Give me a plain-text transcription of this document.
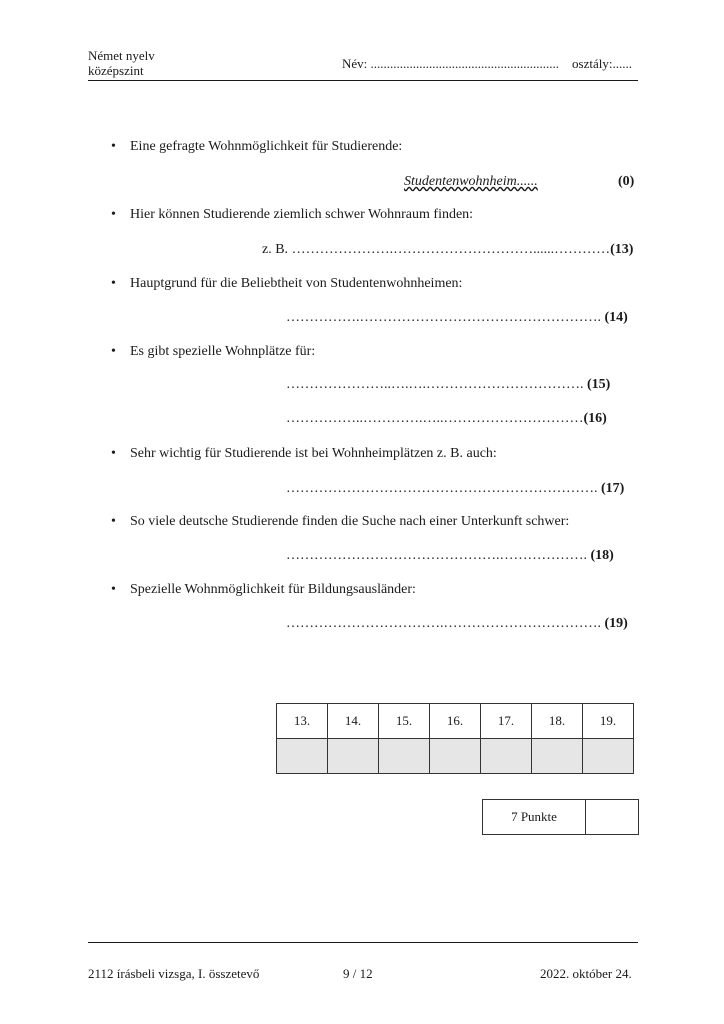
Német nyelv
középszint	Név: .......................................................... osztály:......
• Eine gefragte Wohnmöglichkeit für Studierende:
Studentenwohnheim......	(0)
• Hier können Studierende ziemlich schwer Wohnraum finden:
z. B. ………………….…………………………......…………(13)
• Hauptgrund für die Beliebtheit von Studentenwohnheimen:
…………….……………………………………………. (14)
• Es gibt spezielle Wohnplätze für:
…………………..….….……………………………. (15)
……………..………….…..…………………………(16)
• Sehr wichtig für Studierende ist bei Wohnheimplätzen z. B. auch:
…………………………………………………………. (17)
• So viele deutsche Studierende finden die Suche nach einer Unterkunft schwer:
……………………………………….………………. (18)
• Spezielle Wohnmöglichkeit für Bildungsausländer:
…………………………….……………………………. (19)
13.	14.	15.	16.	17.	18.	19.

7 Punkte	
2112 írásbeli vizsga, I. összetevő	9 / 12	2022. október 24.
